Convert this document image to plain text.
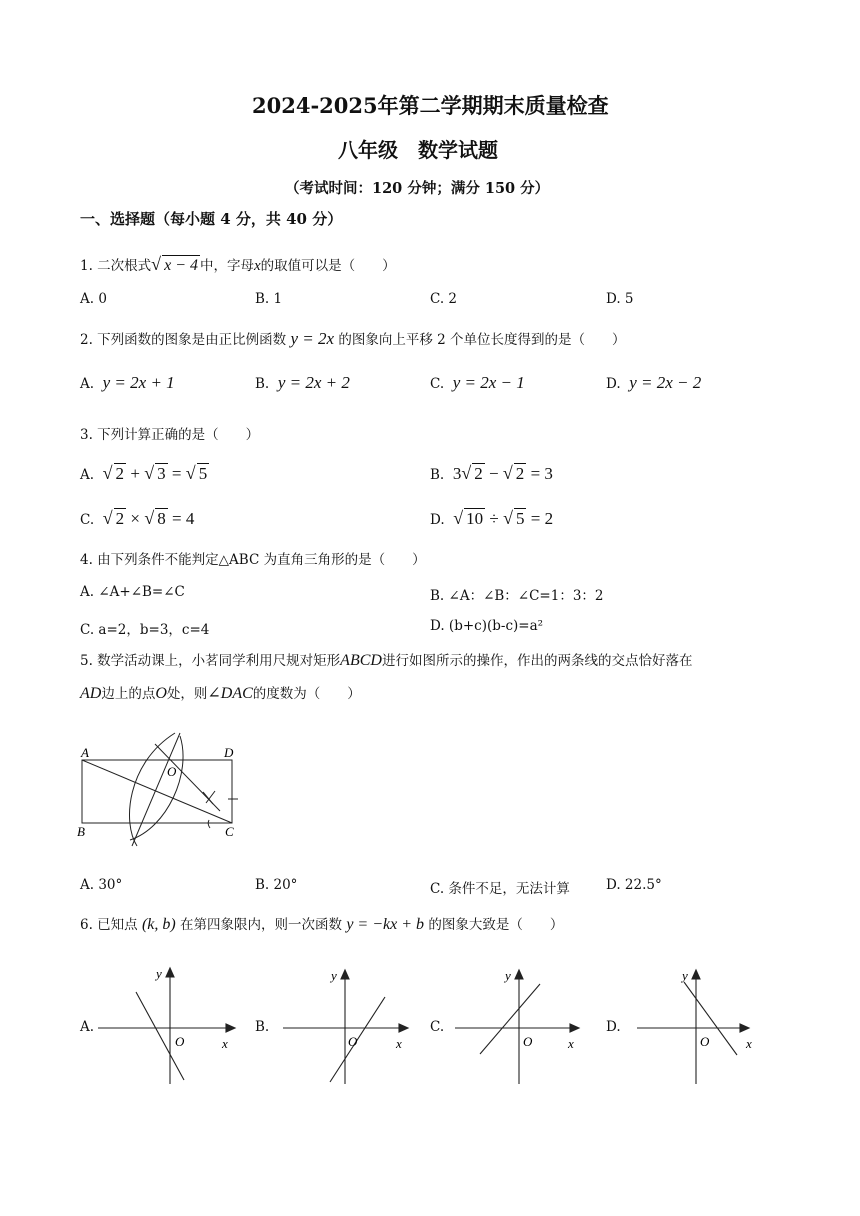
2024-2025年第二学期期末质量检查
八年级　数学试题
（考试时间：120 分钟；满分 150 分）
一、选择题（每小题 4 分，共 40 分）
1. 二次根式√ x − 4 中，字母x的取值可以是（　　）
A. 0	B. 1	C. 2	D. 5
2. 下列函数的图象是由正比例函数 y = 2x 的图象向上平移 2 个单位长度得到的是（　　）
A. y = 2x + 1	B. y = 2x + 2	C. y = 2x − 1	D. y = 2x − 2
3. 下列计算正确的是（　　）
A. √ 2 + √ 3 = √ 5	B. 3√ 2 − √ 2 = 3
C. √ 2 × √ 8 = 4	D. √ 10 ÷ √ 5 = 2
4. 由下列条件不能判定△ABC 为直角三角形的是（　　）
A. ∠A+∠B=∠C	B. ∠A：∠B：∠C=1：3：2
C. a=2，b=3，c=4	D. (b+c)(b-c)=a²
5. 数学活动课上，小茗同学利用尺规对矩形ABCD进行如图所示的操作，作出的两条线的交点恰好落在
AD边上的点O处，则∠DAC的度数为（　　）
A	D
B	C
O
A. 30°	B. 20°	C. 条件不足，无法计算	D. 22.5°
6. 已知点 (k, b) 在第四象限内，则一次函数 y = −kx + b 的图象大致是（　　）
A.	B.	C.	D.
y
x
O
y
x
O
y
x
O
y
x
O
